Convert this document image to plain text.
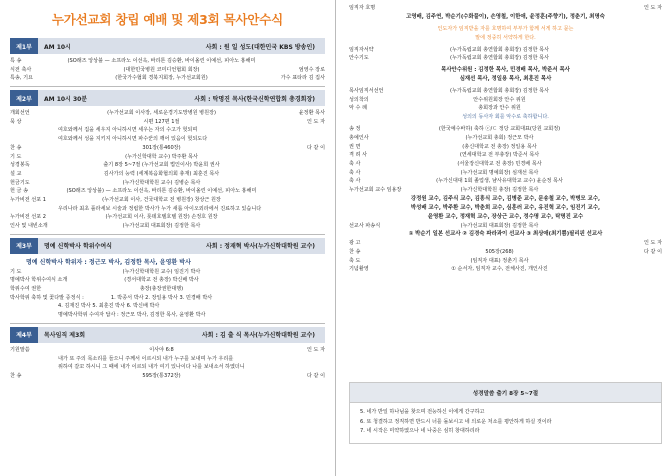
누가선교회 창립 예배 및 제3회 목사안수식
제1부	AM 10시	사회 : 원 일 성도(대한민국 KBS 방송인)
특 송	(SO래즈 앙상블 — 소프라노 이선옥, 바리톤 김승환, 바이올린 이예선, 피아노 홍해미
식전 축사	(대한민국병원 코미디언협회 회장)	엄영수 장로
특송, 기요	(한국가수협회 경북지회장, 누가선교회원)	가수 표타라 김 집사
제2부	AM 10시 30분	사회 : 탁명진 목사(한국신학연합회 총경회장)
개회선언	(누가선교회 이사장, 세로운경기도망병원 병원장)	윤정환 목사
묵 상	시편 127편 1절	인 도 자
여호와께서 집을 세우지 아니하시면 세우는 자의 수고가 헛되며
여호와께서 성을 지키지 아니하시면 파수꾼의 깨어 있음이 헛되도다
찬 송	301장(통460장)	다 같 이
기 도	(누가신학대학 교수) 박주환 목사
성경봉독	출기 8장 5~7절 (누가선교회 법인이사) 박윤희 권사
설 교	김사가의 능력 (세계복음화협의회 총재) 최훈진 목사
헌금기도	(누가신학대학원 교수) 김병순 목사
헌 금 송	(SO래즈 앙상블) — 소프라노 이선옥, 바리톤 김승환, 바이올린 이예선, 피아노 홍해미
누가비전 선포 1	(누가선교회 이사, 건국대학교 전 병원장) 창상근 원장
우리나라 최초 플라세보 시술과 정립한 박사가 누가 새롭 아이오외라에서 진료하고 있습니다
누가비전 선포 2	(누가선교회 이사, 롯데호텔호텔 원장) 손정호 원장
인사 및 내빈소개	(누가선교회 대표회장) 김정한 목사
제3부	명예 신학박사 학위수여식	사회 : 정재혁 박사(누가신학대학원 교수)
명예 신학박사 학위자 : 정근모 박사, 김정한 목사, 윤영환 박사
기 도	(누가신학대학원 교수) 임진기 박사
명예박사 학위수여식 소개	(경서대학교 전 총장) 박신배 박사
학위수여 권한	총장(총장권한대행)
박사학위 축하 및 꽃다발 증정식 :	1. 박종서 박사 2. 장일용 박사 3. 민경배 박사
4. 김재진 박사 5. 최훈진 박사 6. 박신배 박사
명예박사학위 수여자 답사 : 정근모 박사, 김정한 목사, 윤영환 박사
제4부	목사임직 제3회	사회 : 김 출 식 목사(누가신학대학원 교수)
기원말씀	이사야 6:8	인 도 자
내가 또 주의 목소리를 들으니 주께서 이르시되 내가 누구를 보내며 누가 우리를
위하여 갈꼬 하시니 그 때에 내가 이르되 내가 여기 있나이다 나를 보내소서 하였더니
찬 송	595장(통372장)	다 같 이
임직자 호명	인 도 자
고영배, 김주연, 박순기(수화풀이), 손영철, 이한애, 윤정훈(주향기), 정춘기, 최명숙
인도자가 임직받을 자를 호명하여 부부가 함께 서게 하고 묻는
말에 정중히 서약하게 한다.
임직자서약	(누가독립교회 총연합회 총회장) 김정한 목사
안수기도	(누가독립교회 총연합회 총회장) 김정한 목사
목사안수위원 : 김정한 목사, 민경배 목사, 박준서 목사
심재선 목사, 정일용 목사, 최훈진 목사
목사임직서선언	(누가독립교회 총연합회 총회장) 김정한 목사
성의착의	안수위원회장 안수 위원
악 수 례	총회장과 안수 위원
성의의 동사자 회를 악수로 축하합니다.
송 정	(한국예수바하) 축하 ⓒ/ㄷ 정당 교회대표(당원 교회정)
총예인사	(누가선교회 총회) 정근모 박사
권 면	(총신대학교 전 총장) 정일용 목사
격 려 사	(연세대학교 전 부총장) 박준서 목사
축 사	(서울장신대학교 전 총장) 민경배 목사
축 사	(누가선교회 명예회장) 심재선 목사
축 사	(누가신대대 1회 졸업생, 냠사유대학교 교수) 윤순정 목사
누가선교회 교수 임용장	(누가신학대학원 총장) 김정한 목사
강정원 교수, 김주식 교수, 김흥식 교수, 김병준 교수, 문송철 교수, 박병모 교수,
박성배 교수, 박주환 교수, 박춘희 교수, 심훈러 교수, 유진혁 교수, 임진기 교수,
윤영환 교수, 정재혁 교수, 장상근 교수, 정수명 교수, 탁명진 교수
선교사 파송식	(누가선교회 대표회장) 김정한 목사
① 박순기 일본 선교사 ② 김경숙 파라과이 선교사 ③ 최상애(최기쁨)필리핀 선교사
광 고	인 도 자
찬 송	505장(268)	다 같 이
축 도	(임직자 대표) 정춘기 목사
기념촬영	① 순서자, 임직자 교수, 전체사진, 개인사진
성경말씀 출기 8장 5~7절
5. 네가 반일 하나님을 찾으며 전능하신 이에게 간구하고
6. 또 청결하고 정직하면 반드시 너를 돌보시고 네 의로운 처소를 평안하게 하실 것이라
7. 네 시작은 미약하였으나 네 나중은 심히 창대하리라
